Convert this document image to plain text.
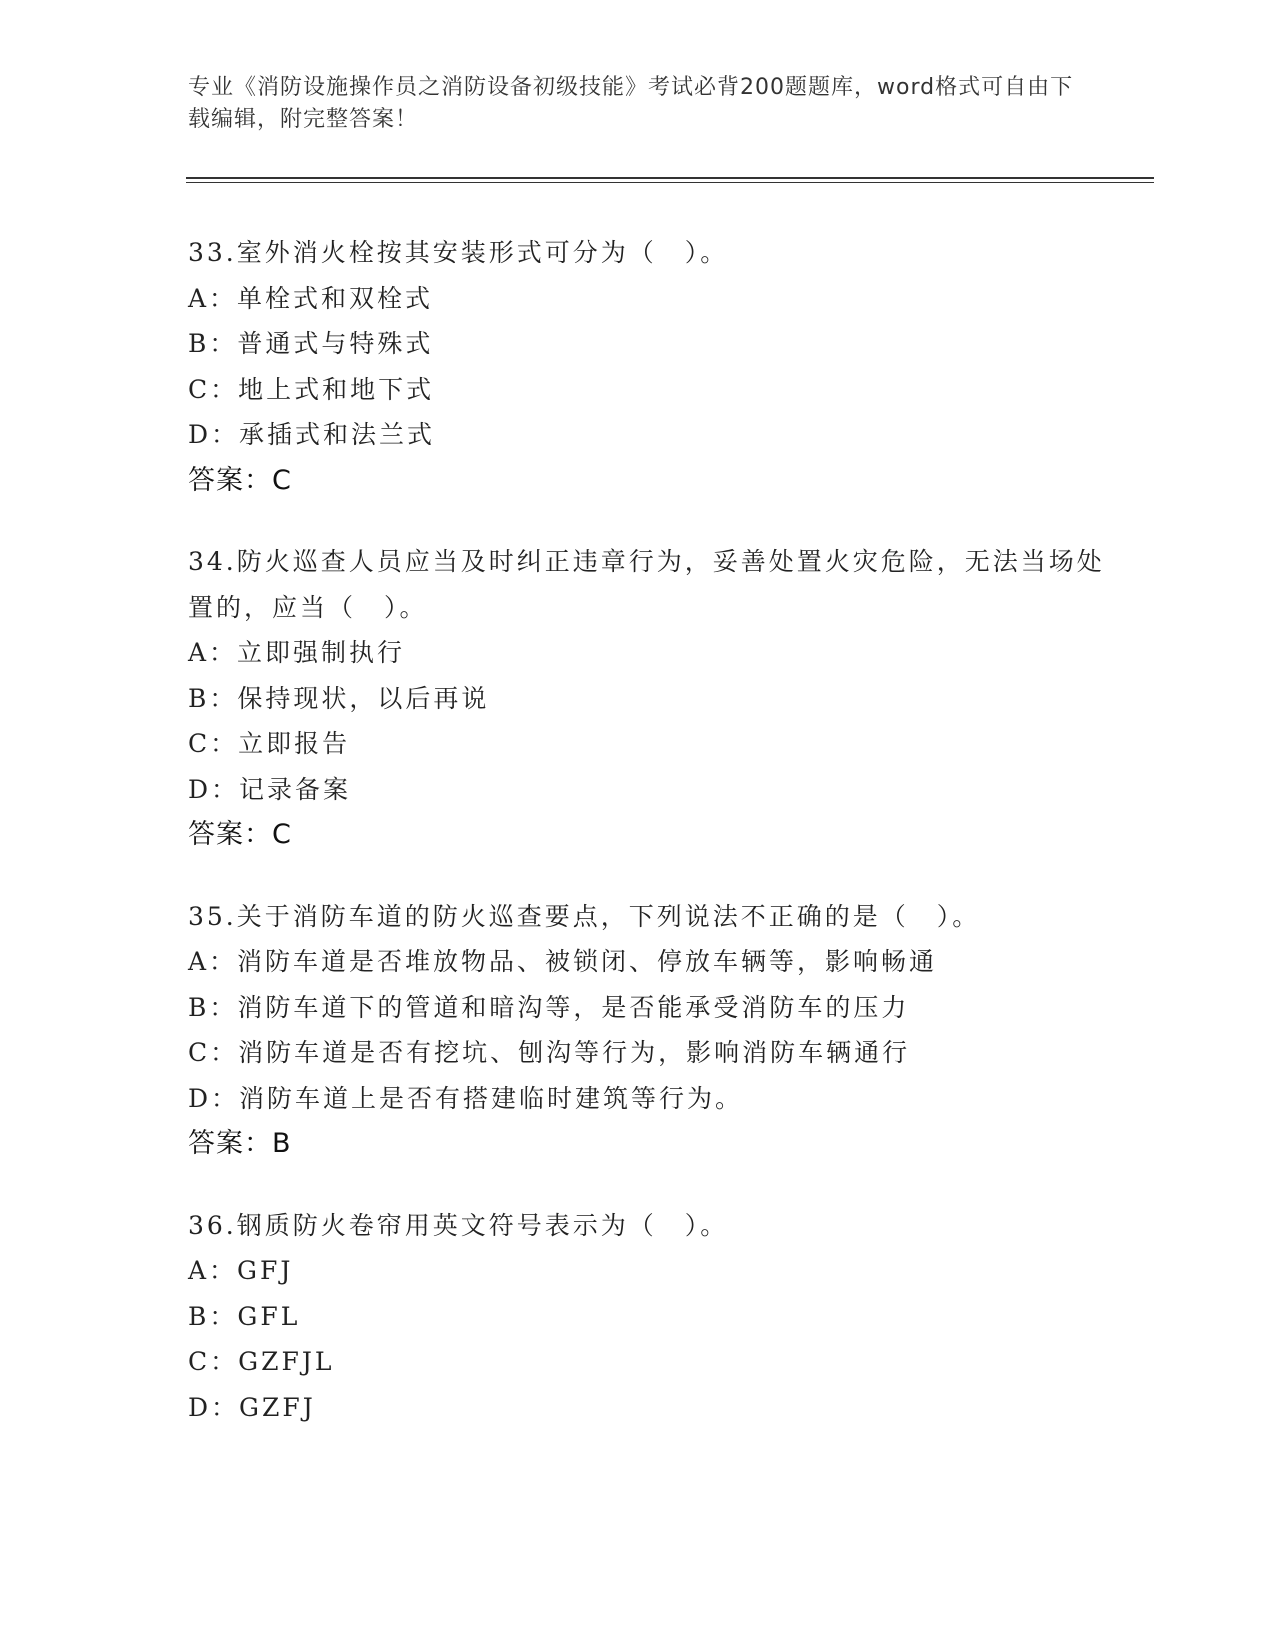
专业《消防设施操作员之消防设备初级技能》考试必背200题题库，word格式可自由下载编辑，附完整答案！
33.室外消火栓按其安装形式可分为（　）。
A：单栓式和双栓式
B：普通式与特殊式
C：地上式和地下式
D：承插式和法兰式
答案：C
34.防火巡查人员应当及时纠正违章行为，妥善处置火灾危险，无法当场处置的，应当（　）。
A：立即强制执行
B：保持现状，以后再说
C：立即报告
D：记录备案
答案：C
35.关于消防车道的防火巡查要点，下列说法不正确的是（　）。
A：消防车道是否堆放物品、被锁闭、停放车辆等，影响畅通
B：消防车道下的管道和暗沟等，是否能承受消防车的压力
C：消防车道是否有挖坑、刨沟等行为，影响消防车辆通行
D：消防车道上是否有搭建临时建筑等行为。
答案：B
36.钢质防火卷帘用英文符号表示为（　）。
A：GFJ
B：GFL
C：GZFJL
D：GZFJ
